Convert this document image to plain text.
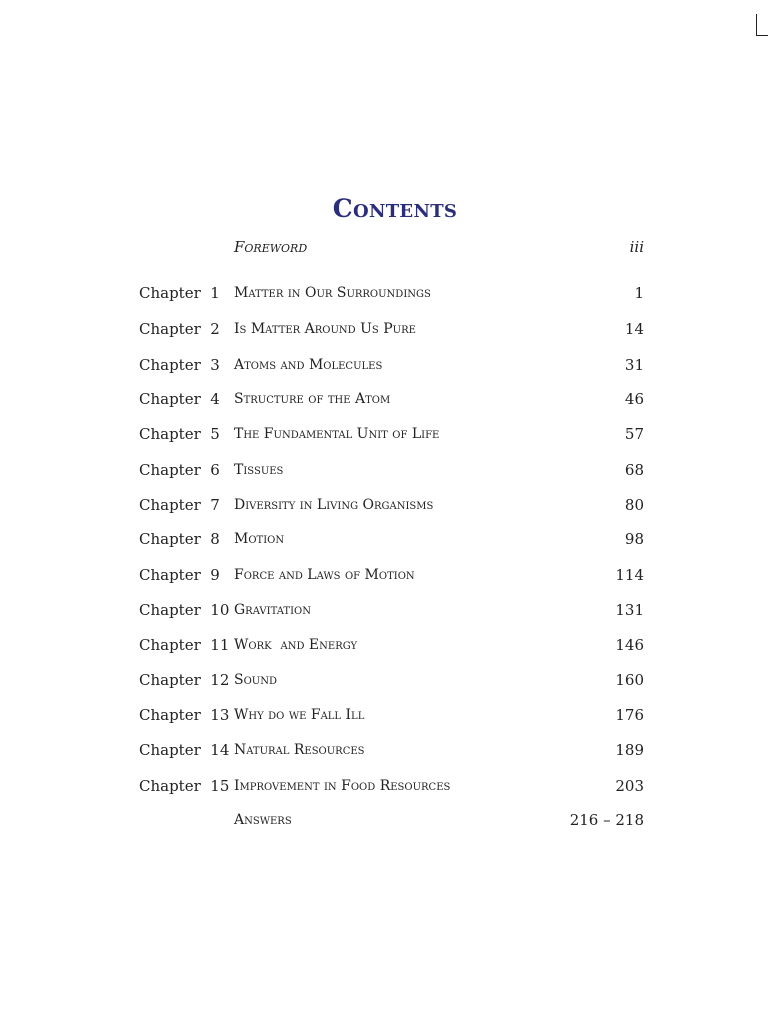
Contents
Foreword	iii
Chapter  1 Matter in Our Surroundings	1
Chapter  2 Is Matter Around Us Pure	14
Chapter  3 Atoms and Molecules	31
Chapter  4 Structure of the Atom	46
Chapter  5 The Fundamental Unit of Life	57
Chapter  6 Tissues	68
Chapter  7 Diversity in Living Organisms	80
Chapter  8 Motion	98
Chapter  9 Force and Laws of Motion	114
Chapter  10 Gravitation	131
Chapter  11 Work  and Energy	146
Chapter  12 Sound	160
Chapter  13 Why do we Fall Ill	176
Chapter  14 Natural Resources	189
Chapter  15 Improvement in Food Resources	203
Answers	216 – 218
